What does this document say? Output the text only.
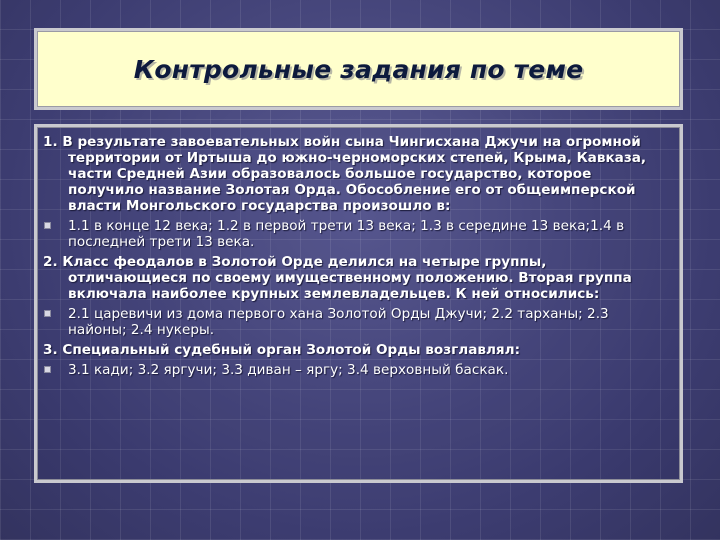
Контрольные задания по теме

1. В результате завоевательных войн сына Чингисхана Джучи на огромной территории от Иртыша до южно-черноморских степей, Крыма, Кавказа, части Средней Азии образовалось большое государство, которое получило название Золотая Орда. Обособление его от общеимперской власти Монгольского государства произошло в:

1.1 в конце 12 века; 1.2 в первой трети 13 века; 1.3 в середине 13 века;1.4 в последней трети 13 века.

2. Класс феодалов в Золотой Орде делился на четыре группы, отличающиеся по своему имущественному положению. Вторая группа включала наиболее крупных землевладельцев. К ней относились:

2.1 царевичи из дома первого хана Золотой Орды Джучи; 2.2 тарханы; 2.3 найоны; 2.4 нукеры.

3. Специальный судебный орган Золотой Орды возглавлял:

3.1 кади; 3.2 яргучи; 3.3 диван – яргу; 3.4 верховный баскак.
